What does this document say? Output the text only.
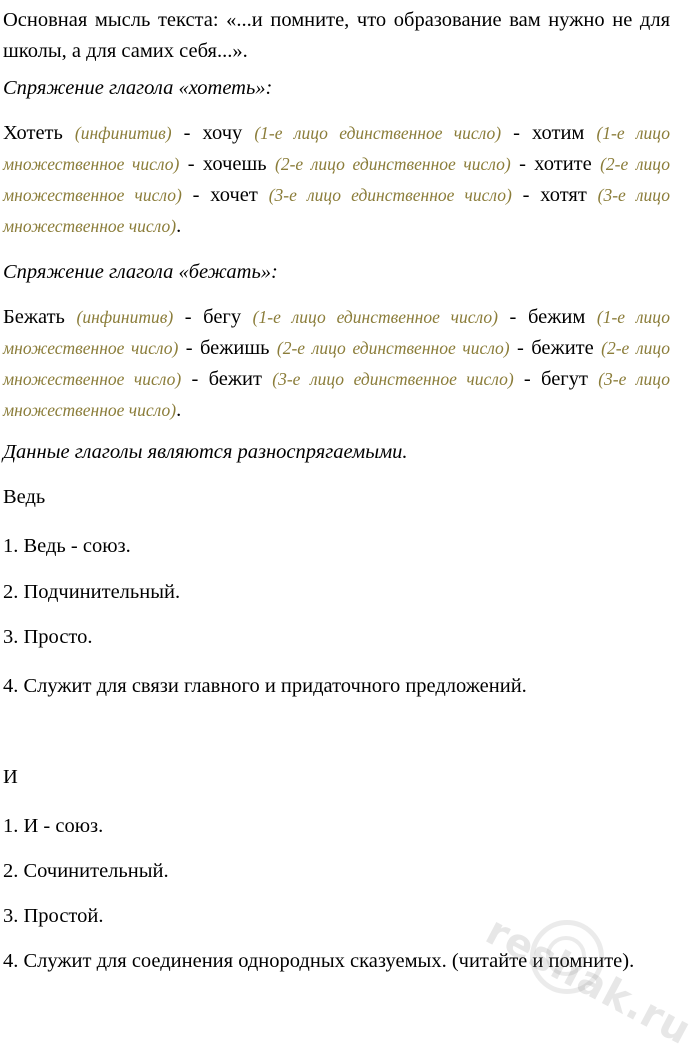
Основная мысль текста: «...и помните, что образование вам нужно не для школы, а для самих себя...».

Спряжение глагола «хотеть»:

Хотеть (инфинитив) - хочу (1-е лицо единственное число) - хотим (1-е лицо множественное число) - хочешь (2-е лицо единственное число) - хотите (2-е лицо множественное число) - хочет (3-е лицо единственное число) - хотят (3-е лицо множественное число).

Спряжение глагола «бежать»:

Бежать (инфинитив) - бегу (1-е лицо единственное число) - бежим (1-е лицо множественное число) - бежишь (2-е лицо единственное число) - бежите (2-е лицо множественное число) - бежит (3-е лицо единственное число) - бегут (3-е лицо множественное число).

Данные глаголы являются разноспрягаемыми.

Ведь

1. Ведь - союз.

2. Подчинительный.

3. Просто.

4. Служит для связи главного и придаточного предложений.

И

1. И - союз.

2. Сочинительный.

3. Простой.

4. Служит для соединения однородных сказуемых. (читайте и помните).

reshak.ru
